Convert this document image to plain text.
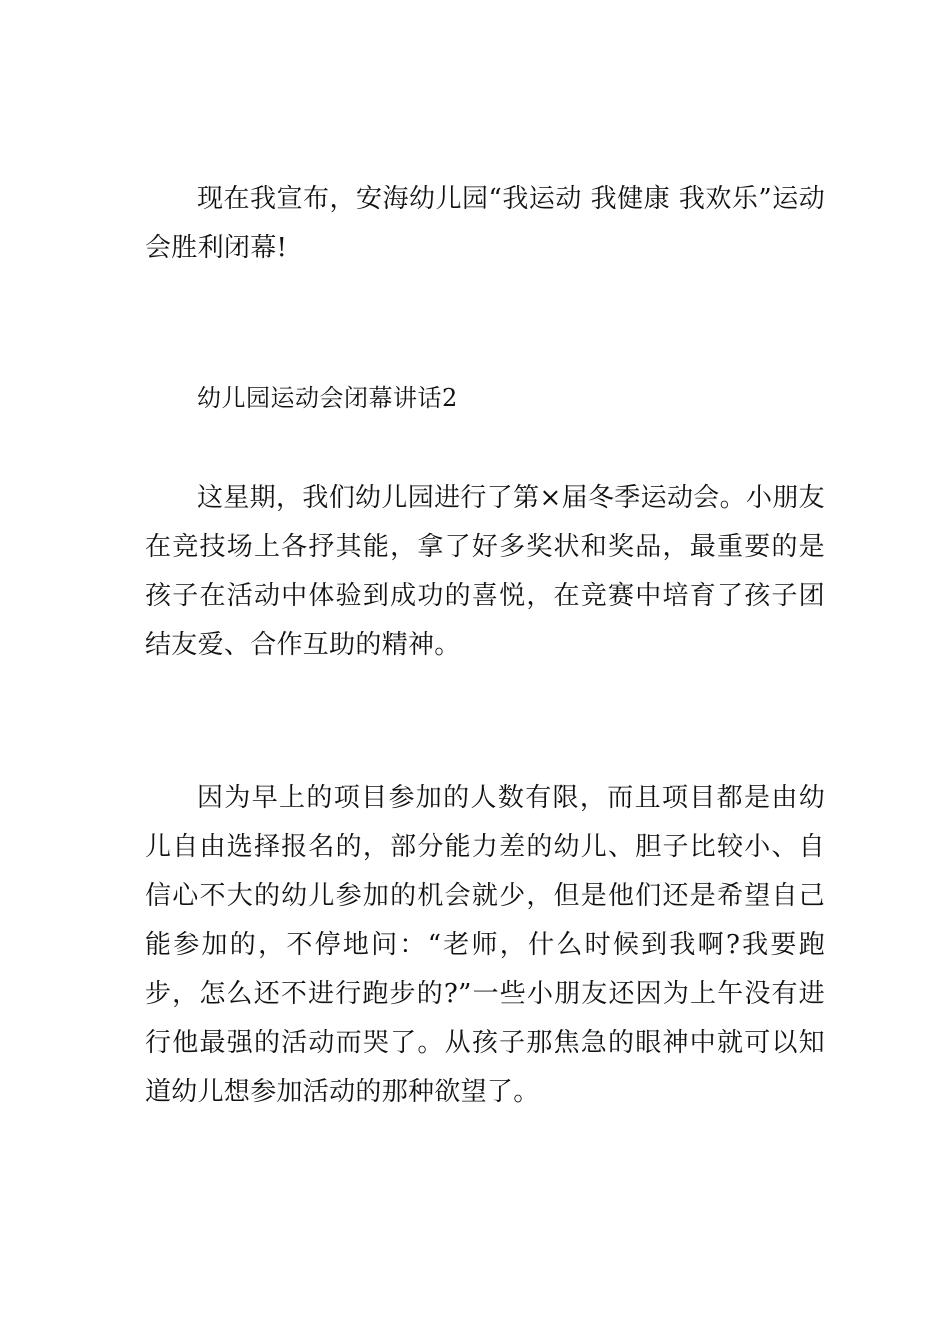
现在我宣布，安海幼儿园“我运动 我健康 我欢乐”运动会胜利闭幕!

幼儿园运动会闭幕讲话2

这星期，我们幼儿园进行了第×届冬季运动会。小朋友在竞技场上各抒其能，拿了好多奖状和奖品，最重要的是孩子在活动中体验到成功的喜悦，在竞赛中培育了孩子团结友爱、合作互助的精神。

因为早上的项目参加的人数有限，而且项目都是由幼儿自由选择报名的，部分能力差的幼儿、胆子比较小、自信心不大的幼儿参加的机会就少，但是他们还是希望自己能参加的，不停地问：“老师，什么时候到我啊?我要跑步，怎么还不进行跑步的?”一些小朋友还因为上午没有进行他最强的活动而哭了。从孩子那焦急的眼神中就可以知道幼儿想参加活动的那种欲望了。
